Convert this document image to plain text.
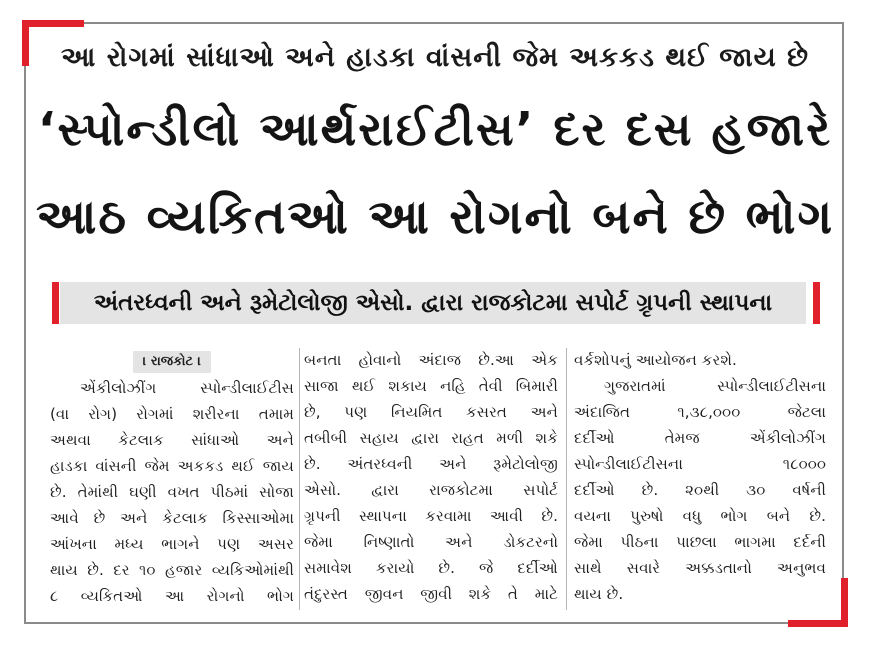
આ રોગમાં સાંધાઓ અને હાડકા વાંસની જેમ અકકડ થઈ જાય છે
‘સ્પોન્ડીલો આર્થરાઈટીસ’ દર દસ હજારે
આઠ વ્યકિતઓ આ રોગનો બને છે ભોગ
અંતરધ્વની અને રૂમેટોલોજી એસો. દ્વારા રાજકોટમા સપોર્ટ ગ્રૃપની સ્થાપના
। રાજકોટ ।
એંકીલોઝીંગ સ્પોન્ડીલાઈટીસ
(વા રોગ) રોગમાં શરીરના તમામ
અથવા કેટલાક સાંધાઓ અને
હાડકા વાંસની જેમ અકકડ થઈ જાય
છે. તેમાંથી ઘણી વખત પીઠમાં સોજા
આવે છે અને કેટલાક કિસ્સાઓમા
આંખના મધ્ય ભાગને પણ અસર
થાય છે. દર ૧૦ હજાર વ્યકિઓમાંથી
૮ વ્યકિતઓ આ રોગનો ભોગ
બનતા હોવાનો અંદાજ છે.આ એક
સાજા થઈ શકાય નહિ તેવી બિમારી
છે, પણ નિયમિત કસરત અને
તબીબી સહાય દ્વારા રાહત મળી શકે
છે. અંતરધ્વની અને રૂમેટોલોજી
એસો. દ્વારા રાજકોટમા સપોર્ટ
ગ્રૃપની સ્થાપના કરવામા આવી છે.
જેમા નિષ્ણાતો અને ડોકટરનો
સમાવેશ કરાયો છે. જે દર્દીઓ
તંદુરસ્ત જીવન જીવી શકે તે માટે
વર્કશોપનું આયોજન કરશે.
ગુજરાતમાં સ્પોન્ડીલાઈટીસના
અંદાજિત ૧,૩૮,૦૦૦ જેટલા
દર્દીઓ તેમજ એંકીલોઝીંગ
સ્પોન્ડીલાઈટીસના ૧૮૦૦૦
દર્દીઓ છે. ૨૦થી ૩૦ વર્ષની
વયના પુરુષો વધુ ભોગ બને છે.
જેમા પીઠના પાછલા ભાગમા દર્દની
સાથે સવારે અક્કડતાનો અનુભવ
થાય છે.
